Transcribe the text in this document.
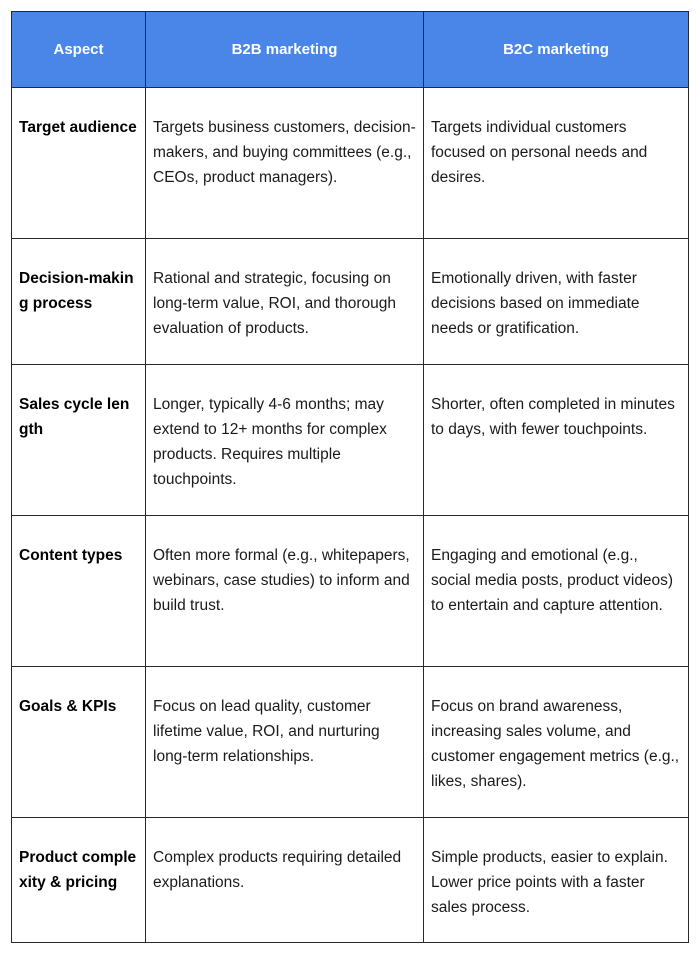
Aspect	B2B marketing	B2C marketing
Target audience	Targets business customers, decision-makers, and buying committees (e.g., CEOs, product managers).	Targets individual customers focused on personal needs and desires.
Decision-making process	Rational and strategic, focusing on long-term value, ROI, and thorough evaluation of products.	Emotionally driven, with faster decisions based on immediate needs or gratification.
Sales cycle length	Longer, typically 4-6 months; may extend to 12+ months for complex products. Requires multiple touchpoints.	Shorter, often completed in minutes to days, with fewer touchpoints.
Content types	Often more formal (e.g., whitepapers, webinars, case studies) to inform and build trust.	Engaging and emotional (e.g., social media posts, product videos) to entertain and capture attention.
Goals & KPIs	Focus on lead quality, customer lifetime value, ROI, and nurturing long-term relationships.	Focus on brand awareness, increasing sales volume, and customer engagement metrics (e.g., likes, shares).
Product complexity & pricing	Complex products requiring detailed explanations.	Simple products, easier to explain. Lower price points with a faster sales process.
